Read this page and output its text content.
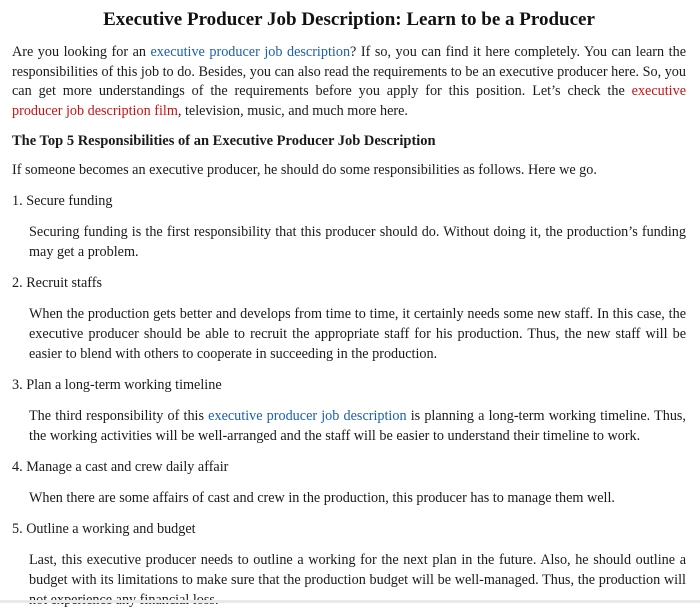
Executive Producer Job Description: Learn to be a Producer

Are you looking for an executive producer job description? If so, you can find it here completely. You can learn the responsibilities of this job to do. Besides, you can also read the requirements to be an executive producer here. So, you can get more understandings of the requirements before you apply for this position. Let’s check the executive producer job description film, television, music, and much more here.

The Top 5 Responsibilities of an Executive Producer Job Description

If someone becomes an executive producer, he should do some responsibilities as follows. Here we go.

1. Secure funding

Securing funding is the first responsibility that this producer should do. Without doing it, the production’s funding may get a problem.

2. Recruit staffs

When the production gets better and develops from time to time, it certainly needs some new staff. In this case, the executive producer should be able to recruit the appropriate staff for his production. Thus, the new staff will be easier to blend with others to cooperate in succeeding in the production.

3. Plan a long-term working timeline

The third responsibility of this executive producer job description is planning a long-term working timeline. Thus, the working activities will be well-arranged and the staff will be easier to understand their timeline to work.

4. Manage a cast and crew daily affair

When there are some affairs of cast and crew in the production, this producer has to manage them well.

5. Outline a working and budget

Last, this executive producer needs to outline a working for the next plan in the future. Also, he should outline a budget with its limitations to make sure that the production budget will be well-managed. Thus, the production will
